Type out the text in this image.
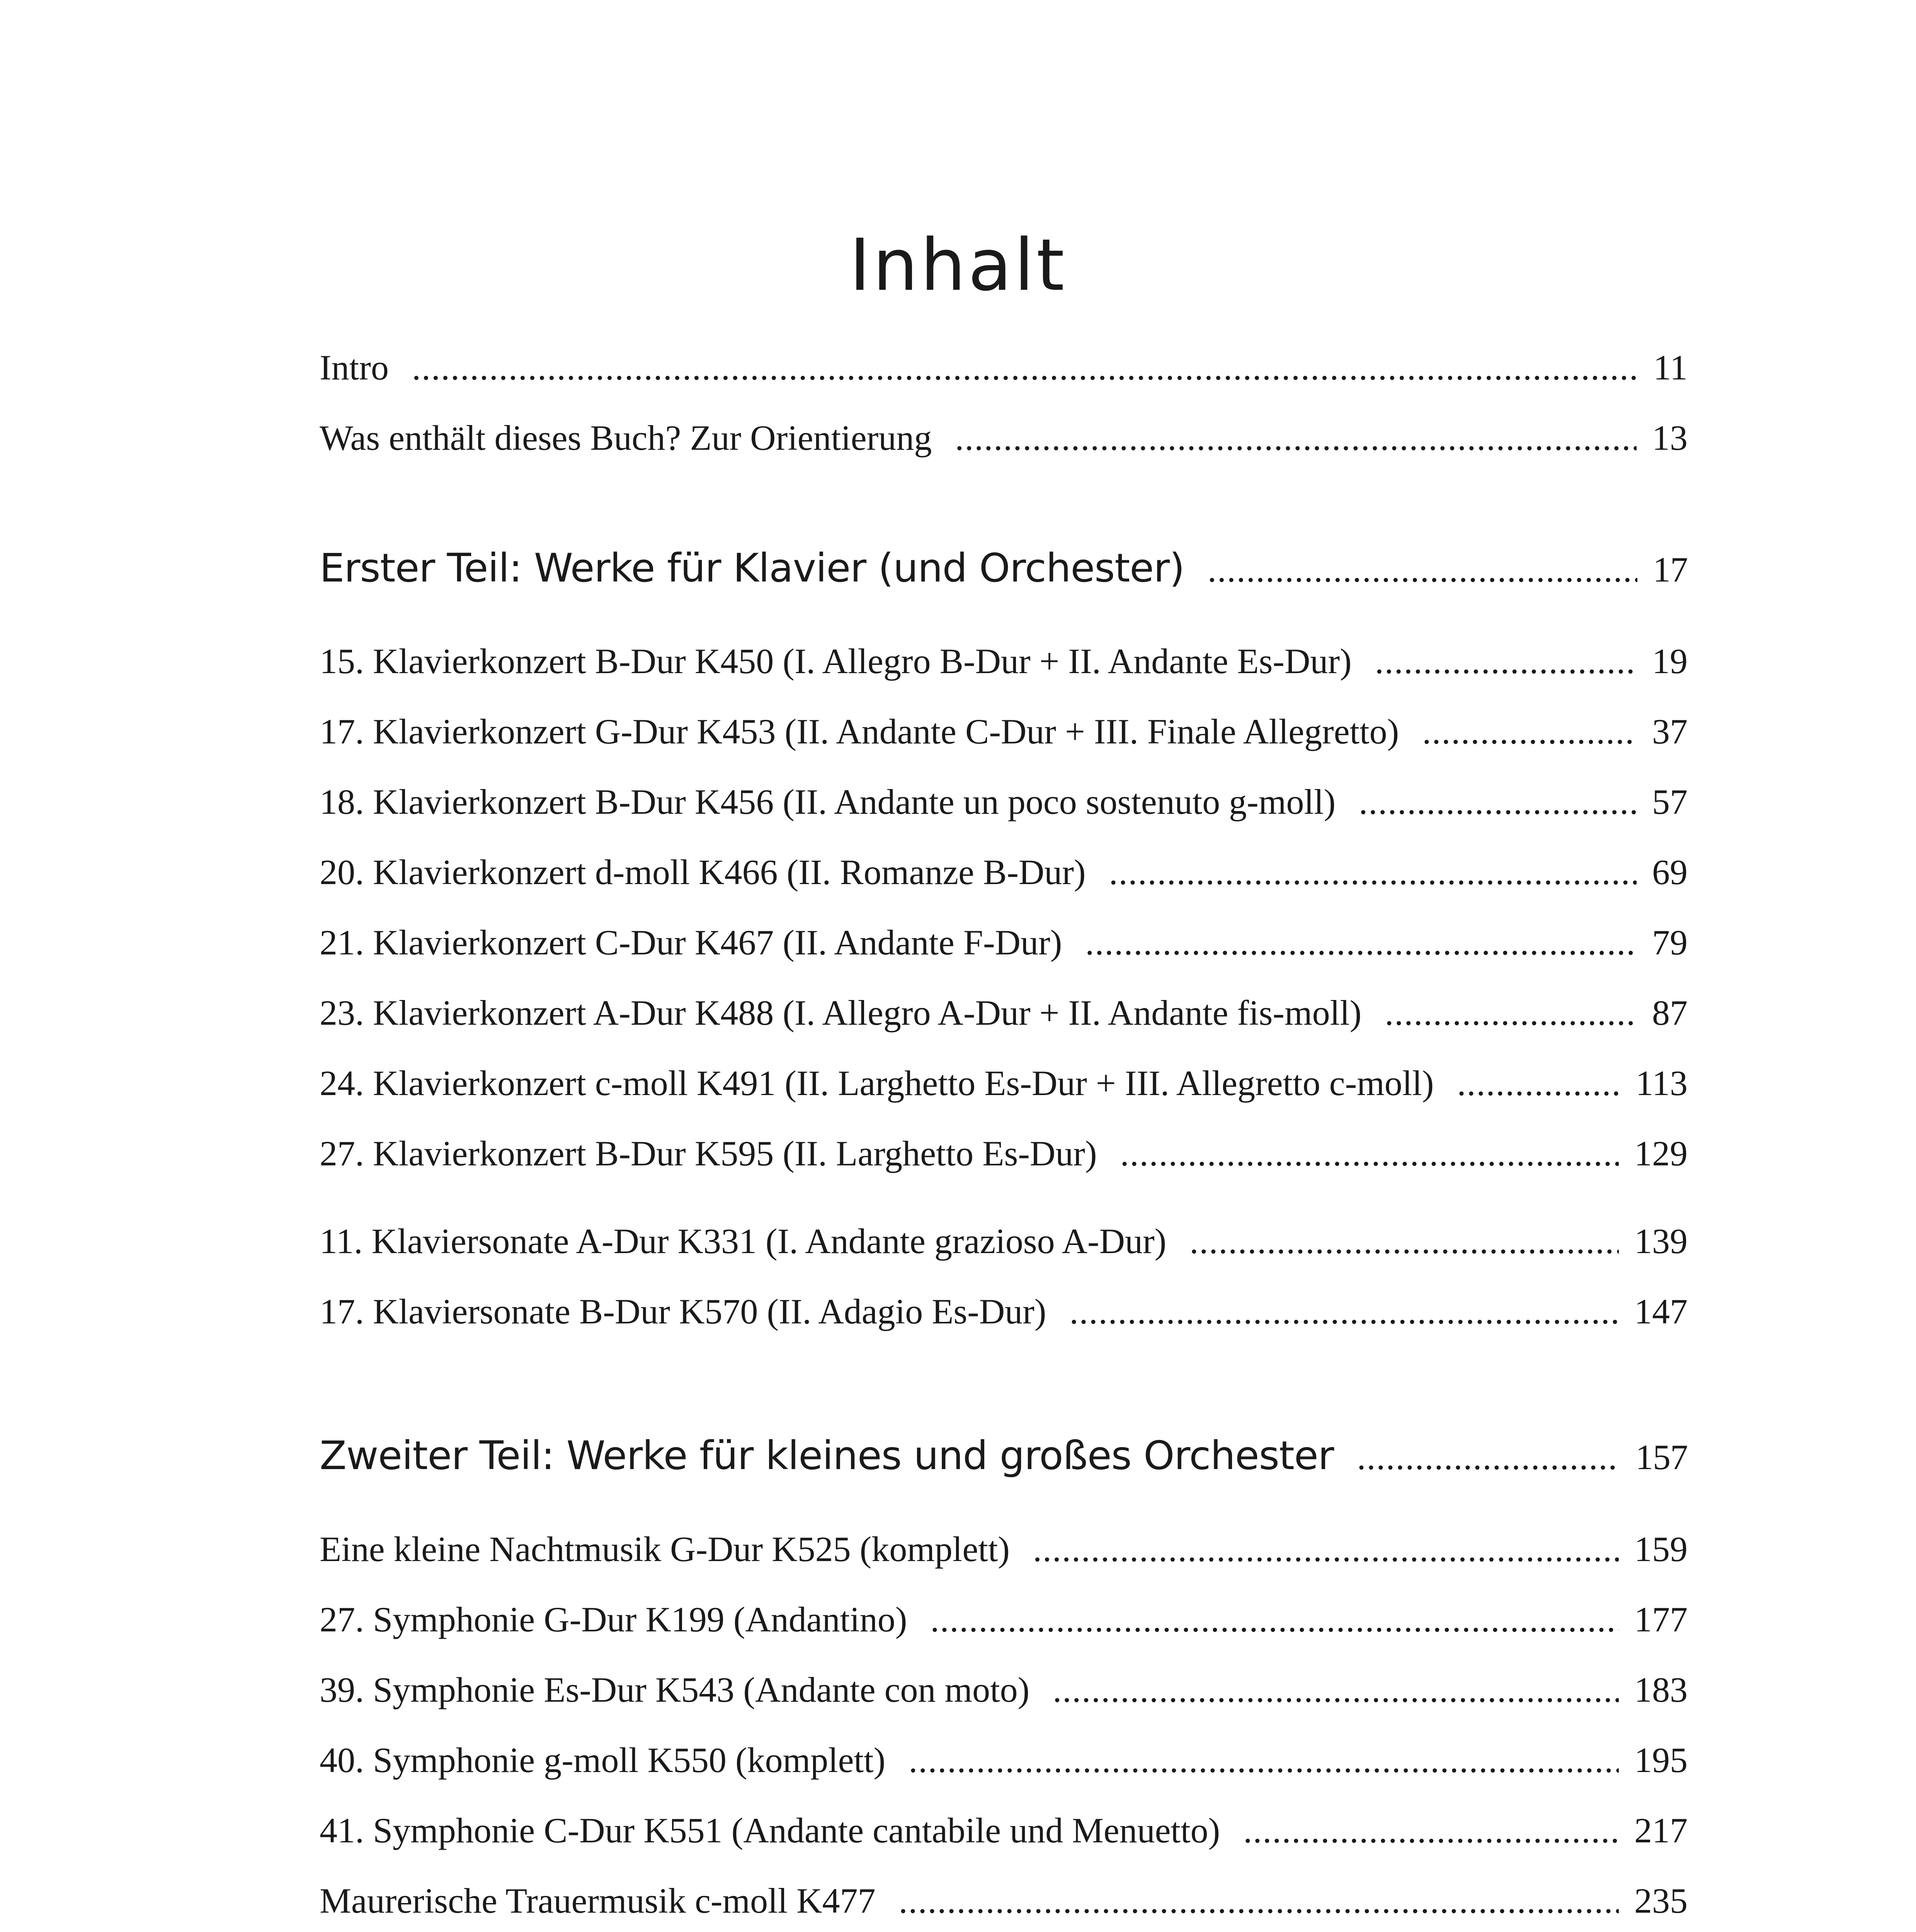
Inhalt
Intro .....	11
Was enthält dieses Buch? Zur Orientierung .....	13
Erster Teil: Werke für Klavier (und Orchester) .....	17
15. Klavierkonzert B-Dur K450 (I. Allegro B-Dur + II. Andante Es-Dur) .....	19
17. Klavierkonzert G-Dur K453 (II. Andante C-Dur + III. Finale Allegretto) .....	37
18. Klavierkonzert B-Dur K456 (II. Andante un poco sostenuto g-moll) .....	57
20. Klavierkonzert d-moll K466 (II. Romanze B-Dur) .....	69
21. Klavierkonzert C-Dur K467 (II. Andante F-Dur) .....	79
23. Klavierkonzert A-Dur K488 (I. Allegro A-Dur + II. Andante fis-moll) .....	87
24. Klavierkonzert c-moll K491 (II. Larghetto Es-Dur + III. Allegretto c-moll) .....	113
27. Klavierkonzert B-Dur K595 (II. Larghetto Es-Dur) .....	129
11. Klaviersonate A-Dur K331 (I. Andante grazioso A-Dur) .....	139
17. Klaviersonate B-Dur K570 (II. Adagio Es-Dur) .....	147
Zweiter Teil: Werke für kleines und großes Orchester .....	157
Eine kleine Nachtmusik G-Dur K525 (komplett) .....	159
27. Symphonie G-Dur K199 (Andantino) .....	177
39. Symphonie Es-Dur K543 (Andante con moto) .....	183
40. Symphonie g-moll K550 (komplett) .....	195
41. Symphonie C-Dur K551 (Andante cantabile und Menuetto) .....	217
Maurerische Trauermusik c-moll K477 .....	235
